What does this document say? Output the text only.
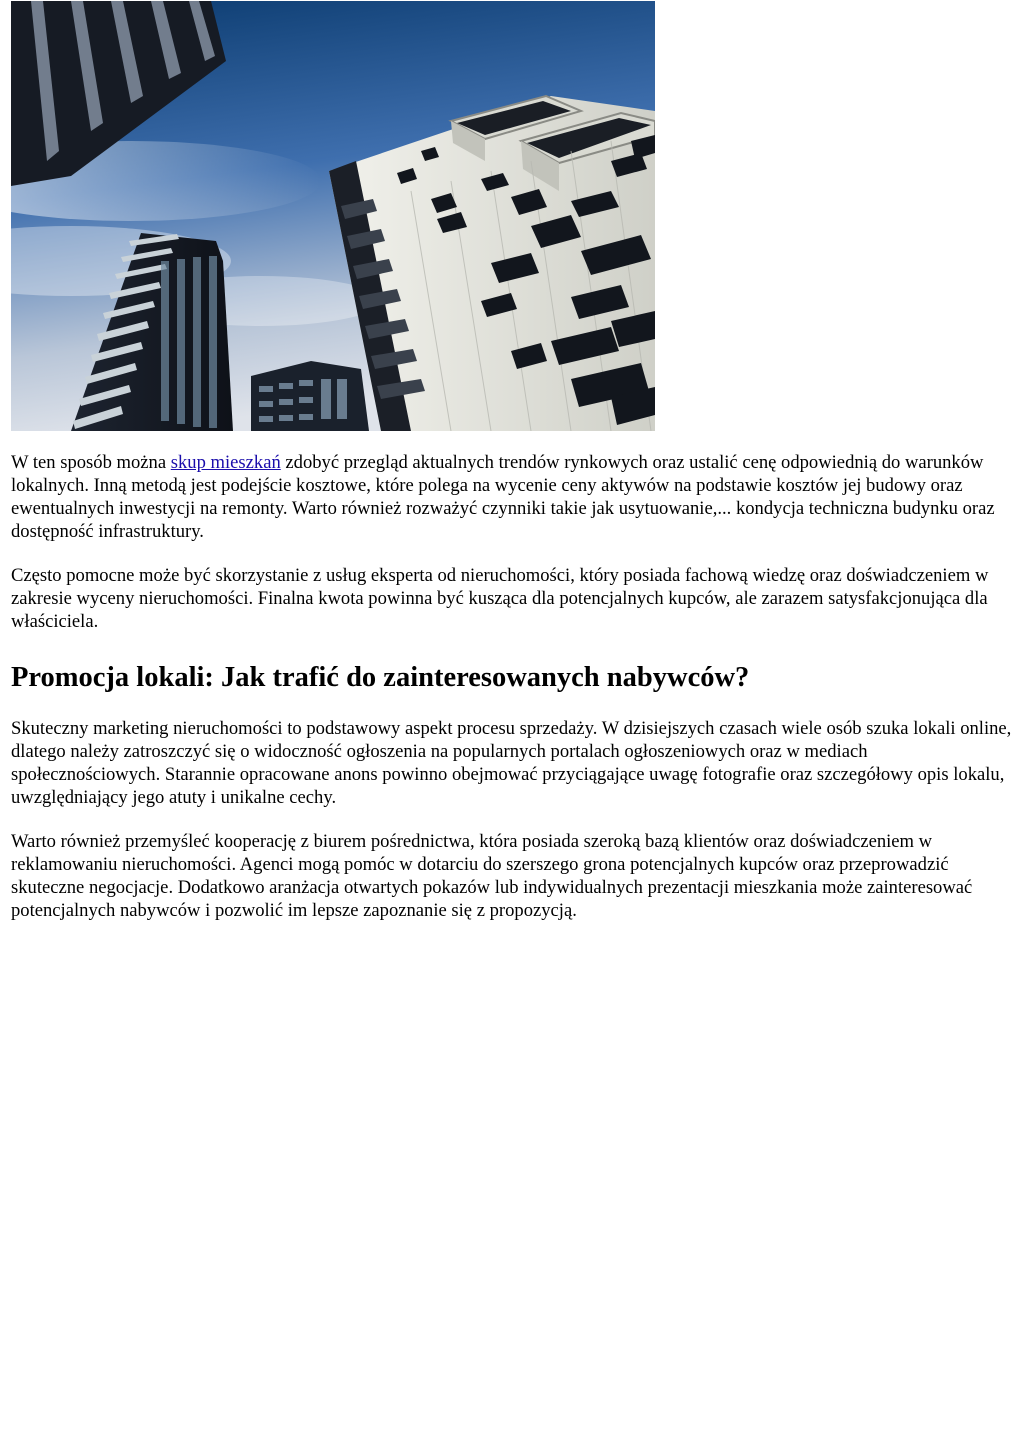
W ten sposób można skup mieszkań zdobyć przegląd aktualnych trendów rynkowych oraz ustalić cenę odpowiednią do warunków lokalnych. Inną metodą jest podejście kosztowe, które polega na wycenie ceny aktywów na podstawie kosztów jej budowy oraz ewentualnych inwestycji na remonty. Warto również rozważyć czynniki takie jak usytuowanie,... kondycja techniczna budynku oraz dostępność infrastruktury.

Często pomocne może być skorzystanie z usług eksperta od nieruchomości, który posiada fachową wiedzę oraz doświadczeniem w zakresie wyceny nieruchomości. Finalna kwota powinna być kusząca dla potencjalnych kupców, ale zarazem satysfakcjonująca dla właściciela.

Promocja lokali: Jak trafić do zainteresowanych nabywców?

Skuteczny marketing nieruchomości to podstawowy aspekt procesu sprzedaży. W dzisiejszych czasach wiele osób szuka lokali online, dlatego należy zatroszczyć się o widoczność ogłoszenia na popularnych portalach ogłoszeniowych oraz w mediach społecznościowych. Starannie opracowane anons powinno obejmować przyciągające uwagę fotografie oraz szczegółowy opis lokalu, uwzględniający jego atuty i unikalne cechy.

Warto również przemyśleć kooperację z biurem pośrednictwa, która posiada szeroką bazą klientów oraz doświadczeniem w reklamowaniu nieruchomości. Agenci mogą pomóc w dotarciu do szerszego grona potencjalnych kupców oraz przeprowadzić skuteczne negocjacje. Dodatkowo aranżacja otwartych pokazów lub indywidualnych prezentacji mieszkania może zainteresować potencjalnych nabywców i pozwolić im lepsze zapoznanie się z propozycją.
